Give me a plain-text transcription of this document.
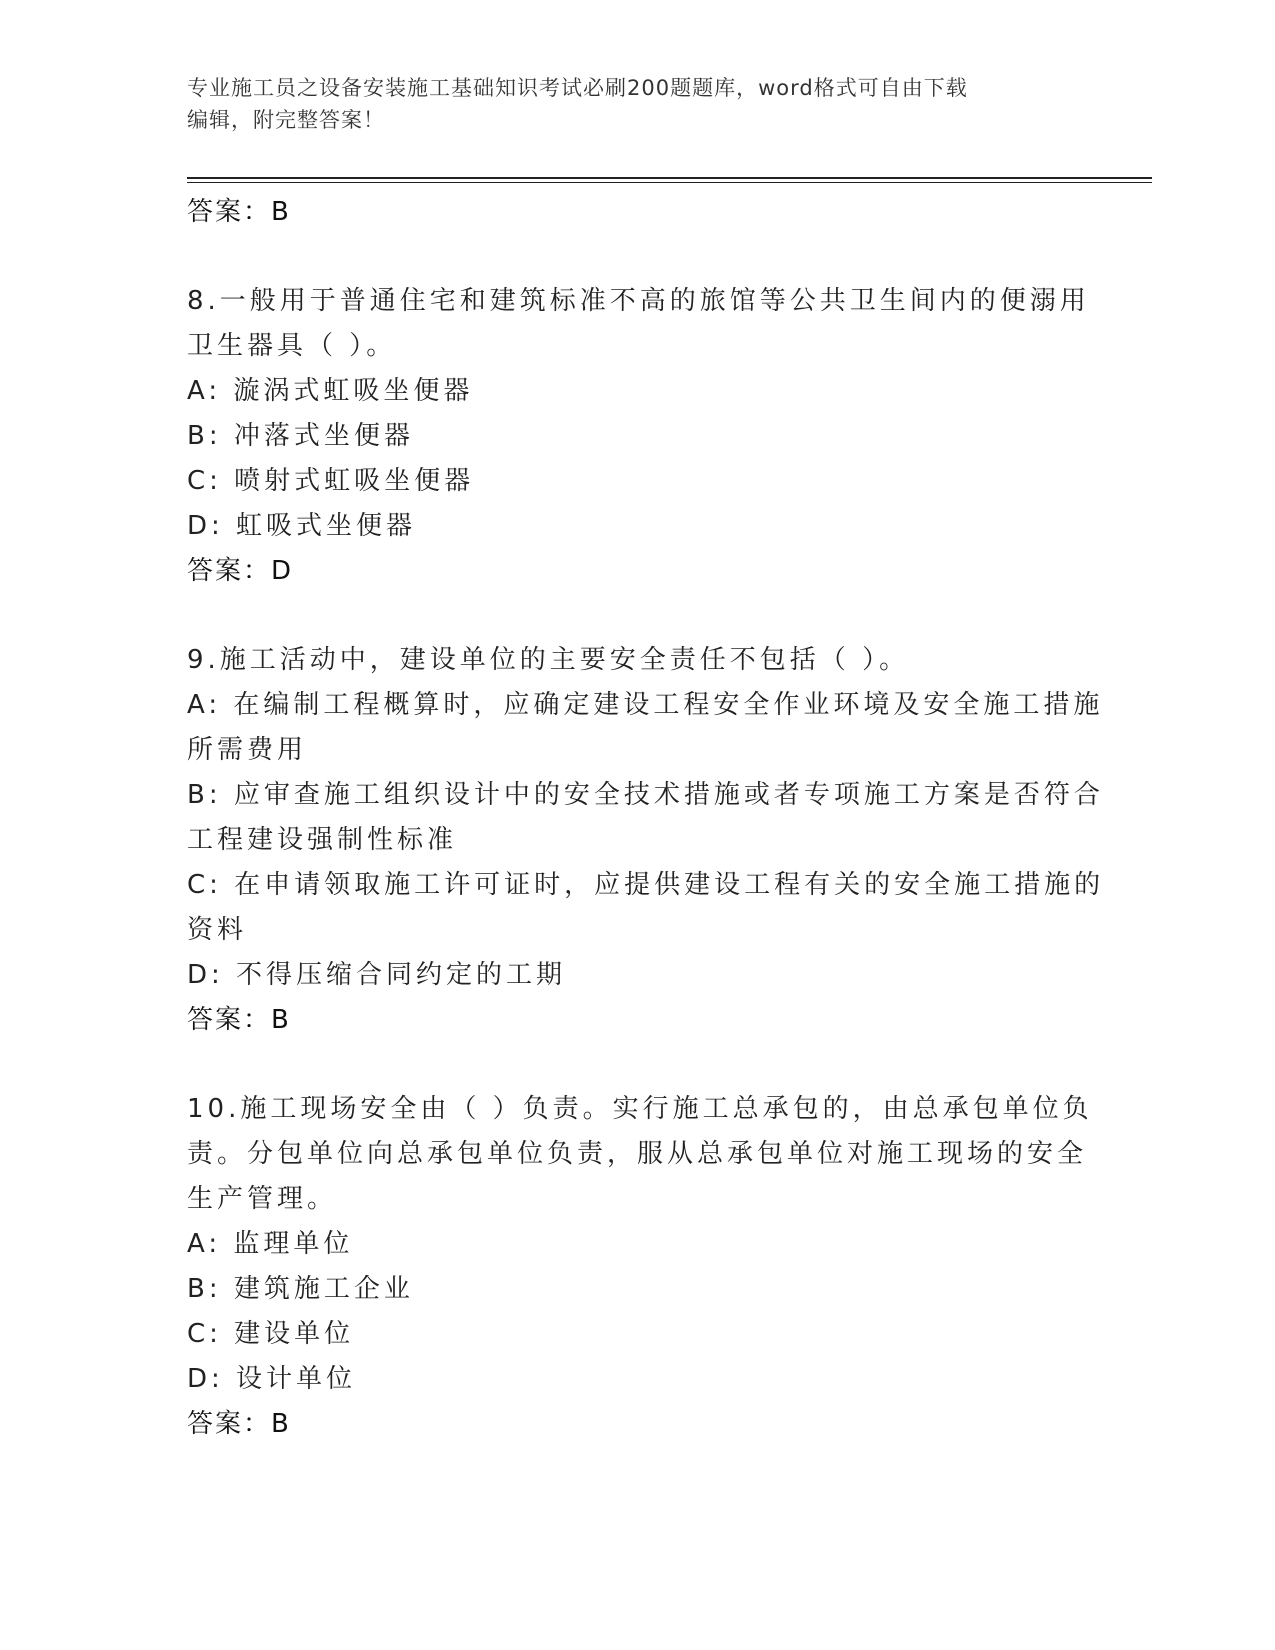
专业施工员之设备安装施工基础知识考试必刷200题题库，word格式可自由下载
编辑，附完整答案！

答案：B

8.一般用于普通住宅和建筑标准不高的旅馆等公共卫生间内的便溺用

卫生器具（ ）。

A: 漩涡式虹吸坐便器

B: 冲落式坐便器

C: 喷射式虹吸坐便器

D: 虹吸式坐便器

答案：D

9.施工活动中，建设单位的主要安全责任不包括（ ）。

A: 在编制工程概算时，应确定建设工程安全作业环境及安全施工措施

所需费用

B: 应审查施工组织设计中的安全技术措施或者专项施工方案是否符合

工程建设强制性标准

C: 在申请领取施工许可证时，应提供建设工程有关的安全施工措施的

资料

D: 不得压缩合同约定的工期

答案：B

10.施工现场安全由（ ）负责。实行施工总承包的，由总承包单位负

责。分包单位向总承包单位负责，服从总承包单位对施工现场的安全

生产管理。

A: 监理单位

B: 建筑施工企业

C: 建设单位

D: 设计单位

答案：B
